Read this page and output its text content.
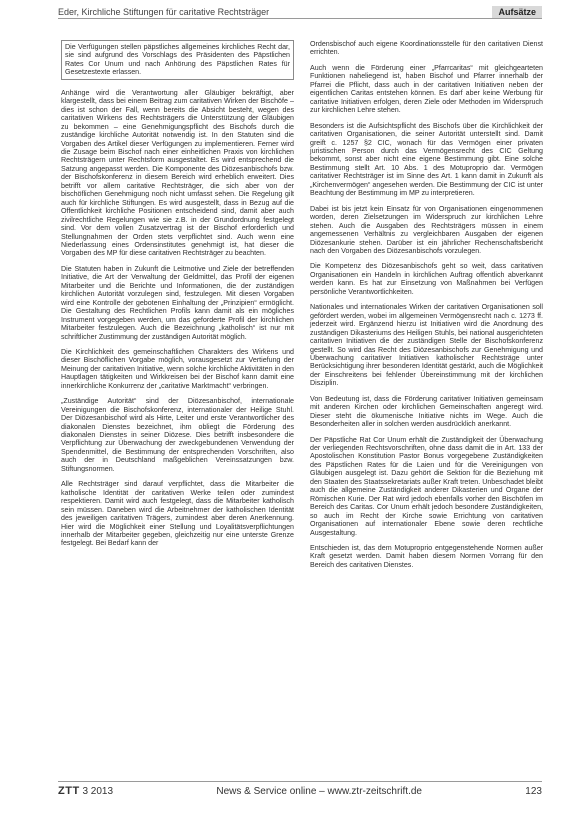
Eder, Kirchliche Stiftungen für caritative Rechtsträger	Aufsätze

Die Verfügungen stellen päpstliches allgemeines kirchliches Recht dar, sie sind aufgrund des Vorschlags des Präsidenten des Päpstlichen Rates Cor Unum und nach Anhörung des Päpstlichen Rates für Gesetzestexte erlassen.

Anhänge wird die Verantwortung aller Gläubiger bekräftigt, aber klargestellt, dass bei einem Beitrag zum caritativen Wirken der Bischöfe – dies ist schon der Fall, wenn bereits die Absicht besteht, wegen des caritativen Wirkens des Rechtsträgers die Unterstützung der Gläubigen zu bekommen – eine Genehmigungspflicht des Bischofs durch die zuständige kirchliche Autorität notwendig ist. In den Statuten sind die Vorgaben des Artikel dieser Verfügungen zu implementieren. Ferner wird die Zusage beim Bischof nach einer einheitlichen Praxis von kirchlichen Rechtsträgern unter Rechtsform ausgestaltet. Es wird entsprechend die Satzung angepasst werden. Die Komponente des Diözesanbischofs bzw. der Bischofskonferenz in diesem Bereich wird erheblich erweitert. Dies betrifft vor allem caritative Rechtsträger, die sich aber von der bischöflichen Genehmigung noch nicht umfasst sehen. Die Regelung gilt auch für kirchliche Stiftungen. Es wird ausgestellt, dass in Bezug auf die Offentlichkeit kirchliche Positionen entscheidend sind, damit aber auch zivilrechtliche Regelungen wie sie z.B. in der Grundordnung festgelegt sind. Vor dem vollen Zusatzvertrag ist der Bischof erforderlich und Stellungnahmen der Orden stets verpflichtet sind. Auch wenn eine Niederlassung eines Ordensinstitutes genehmigt ist, hat dieser die Vorgaben des MP für diese caritativen Rechtsträger zu beachten.

Die Statuten haben in Zukunft die Leitmotive und Ziele der betreffenden Initiative, die Art der Verwaltung der Geldmittel, das Profil der eigenen Mitarbeiter und die Berichte und Informationen, die der zuständigen kirchlichen Autorität vorzulegen sind, festzulegen. Mit diesen Vorgaben wird eine Kontrolle der gebotenen Einhaltung der „Prinzipien“ ermöglicht. Die Gestaltung des Rechtlichen Profils kann damit als ein mögliches Instrument vorgegeben werden, um das geforderte Profil der kirchlichen Mitarbeiter festzulegen. Auch die Bezeichnung „katholisch“ ist nur mit schriftlicher Zustimmung der zuständigen Autorität möglich.

Die Kirchlichkeit des gemeinschaftlichen Charakters des Wirkens und dieser Bischöflichen Vorgabe möglich, vorausgesetzt zur Vertiefung der Meinung der caritativen Initiative, wenn solche kirchliche Aktivitäten in den Hauptlagen tätigkeiten und Wirkkreisen bei der Bischof kann damit eine innerkirchliche Konkurrenz der „caritative Marktmacht“ verbringen.

„Zuständige Autorität“ sind der Diözesanbischof, internationale Vereinigungen die Bischofskonferenz, internationaler der Heilige Stuhl. Der Diözesanbischof wird als Hirte, Leiter und erste Verantwortlicher des diakonalen Dienstes bezeichnet, ihm obliegt die Förderung des diakonalen Dienstes in seiner Diözese. Dies betrifft insbesondere die Verpflichtung zur Überwachung der zweckgebundenen Verwendung der Spendenmittel, die Bestimmung der entsprechenden Vorschriften, also auch der in Deutschland maßgeblichen Vereinssatzungen bzw. Stiftungsnormen.

Alle Rechtsträger sind darauf verpflichtet, dass die Mitarbeiter die katholische Identität der caritativen Werke teilen oder zumindest respektieren. Damit wird auch festgelegt, dass die Mitarbeiter katholisch sein müssen. Daneben wird die Arbeitnehmer der katholischen Identität des jeweiligen caritativen Trägers, zumindest aber deren Anerkennung. Hier wird die Möglichkeit einer Stellung und Loyalitätsverpflichtungen innerhalb der Mitarbeiter gegeben, gleichzeitig nur eine unterste Grenze festgelegt. Bei Bedarf kann der

Ordensbischof auch eigene Koordinationsstelle für den caritativen Dienst errichten.

Auch wenn die Förderung einer „Pfarrcaritas“ mit gleichgearteten Funktionen naheliegend ist, haben Bischof und Pfarrer innerhalb der Pfarrei die Pflicht, dass auch in der caritativen Initiativen neben der eigentlichen Caritas entstehen können. Es darf aber keine Werbung für caritative Initiativen erfolgen, deren Ziele oder Methoden im Widerspruch zur kirchlichen Lehre stehen.

Besonders ist die Aufsichtspflicht des Bischofs über die Kirchlichkeit der caritativen Organisationen, die seiner Autorität unterstellt sind. Damit greift c. 1257 §2 CIC, wonach für das Vermögen einer privaten juristischen Person durch das Vermögensrecht des CIC Geltung bekommt, sonst aber nicht eine eigene Bestimmung gibt. Eine solche Bestimmung stellt Art. 10 Abs. 1 des Motuproprio dar. Vermögen caritativer Rechtsträger ist im Sinne des Art. 1 kann damit in Zukunft als „Kirchenvermögen“ angesehen werden. Die Bestimmung der CIC ist unter Beachtung der Bestimmung im MP zu interpretieren.

Dabei ist bis jetzt kein Einsatz für von Organisationen eingenommenen worden, deren Zielsetzungen im Widerspruch zur kirchlichen Lehre stehen. Auch die Ausgaben des Rechtsträgers müssen in einem angemessenen Verhältnis zu vergleichbaren Ausgaben der eigenen Diözesankurie stehen. Darüber ist ein jährlicher Rechenschaftsbericht nach den Vorgaben des Diözesanbischofs vorzulegen.

Die Kompetenz des Diözesanbischofs geht so weit, dass caritativen Organisationen ein Handeln in kirchlichen Auftrag offentlich abverkannt werden kann. Es hat zur Einsetzung von Maßnahmen bei Verfügen persönliche Verantwortlichkeiten.

Nationales und internationales Wirken der caritativen Organisationen soll gefördert werden, wobei im allgemeinen Vermögensrecht nach c. 1273 ff. jederzeit wird. Ergänzend hierzu ist Initiativen wird die Anordnung des zuständigen Dikasteriums des Heiligen Stuhls, bei national ausgerichteten caritativen Initiativen die der zuständigen Stelle der Bischofskonferenz gestellt. So wird das Recht des Diözesanbischofs zur Genehmigung und Überwachung caritativer Initiativen katholischer Rechtsträge unter Berücksichtigung ihrer besonderen Identität gestärkt, auch die Möglichkeit der Einschreitens bei fehlender Übereinstimmung mit der kirchlichen Disziplin.

Von Bedeutung ist, dass die Förderung caritativer Initiativen gemeinsam mit anderen Kirchen oder kirchlichen Gemeinschaften angeregt wird. Dieser steht die ökumenische Initiative nichts im Wege. Auch die Besonderheiten aller in solchen werden ausdrücklich anerkannt.

Der Päpstliche Rat Cor Unum erhält die Zuständigkeit der Überwachung der verliegenden Rechtsvorschriften, ohne dass damit die in Art. 133 der Apostolischen Konstitution Pastor Bonus vorgegebene Zuständigkeiten des Päpstlichen Rates für die Laien und für die Vereinigungen von Gläubigen ausgelegt ist. Dazu gehört die Sektion für die Beziehung mit den Staaten des Staatssekretariats außer Kraft treten. Unbeschadet bleibt auch die allgemeine Zuständigkeit anderer Dikasterien und Organe der Römischen Kurie. Der Rat wird jedoch ebenfalls vorher den Bischöfen im Bereich des Caritas. Cor Unum erhält jedoch besondere Zuständigkeiten, so auch im Recht der Kirche sowie Errichtung von caritativen Organisationen auf internationaler Ebene sowie deren rechtliche Ausgestaltung.

Entschieden ist, das dem Motuproprio entgegenstehende Normen außer Kraft gesetzt werden. Damit haben diesem Normen Vorrang für den Bereich des caritativen Dienstes.

ZTT 3 2013	News & Service online – www.ztr-zeitschrift.de	123
